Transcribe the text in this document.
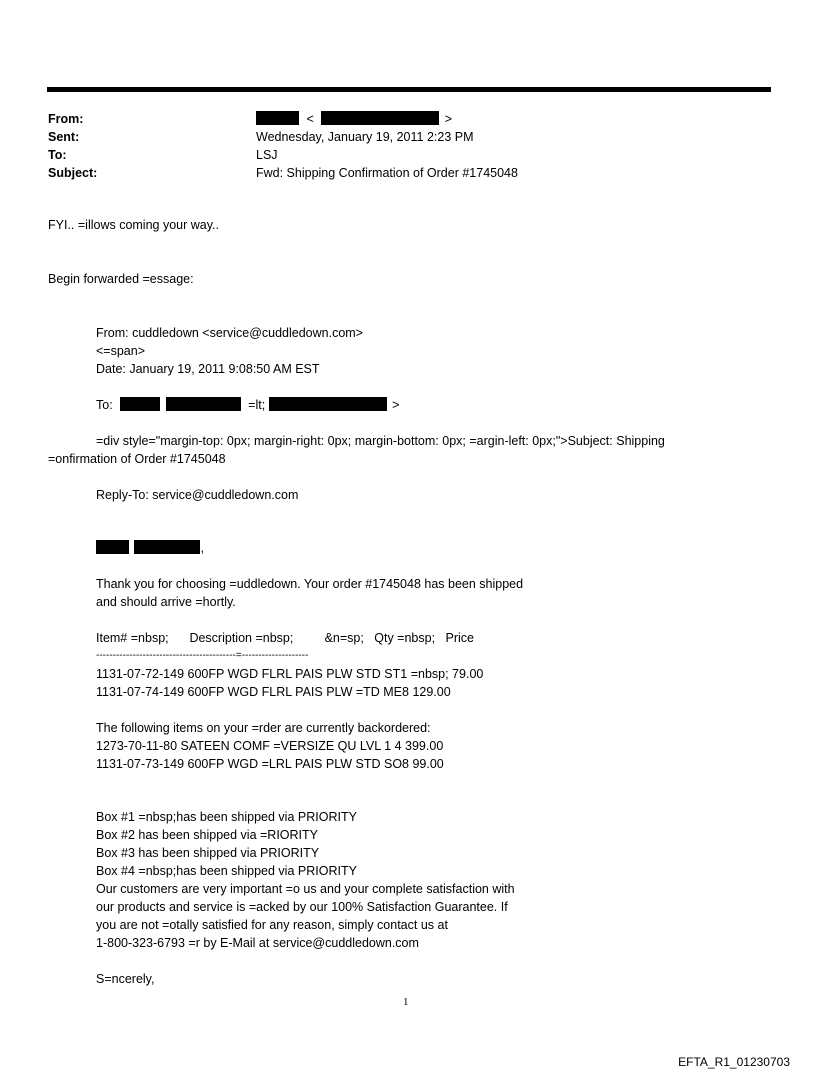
From:	<	>
Sent:	Wednesday, January 19, 2011 2:23 PM
To:	LSJ
Subject:	Fwd: Shipping Confirmation of Order #1745048
FYI.. =illows coming your way..
Begin forwarded =essage:
From: cuddledown <service@cuddledown.com>
<=span>
Date: January 19, 2011 9:08:50 AM EST
To:	=lt;	>
=div style="margin-top: 0px; margin-right: 0px; margin-bottom: 0px; =argin-left: 0px;">Subject: Shipping
=onfirmation of Order #1745048
Reply-To: service@cuddledown.com
,
Thank you for choosing =uddledown. Your order #1745048 has been shipped
and should arrive =hortly.
Item# =nbsp;      Description =nbsp;         &n=sp;   Qty =nbsp;   Price
------------------------------------------=--------------------
1131-07-72-149 600FP WGD FLRL PAIS PLW STD ST1 =nbsp; 79.00
1131-07-74-149 600FP WGD FLRL PAIS PLW =TD ME8 129.00
The following items on your =rder are currently backordered:
1273-70-11-80 SATEEN COMF =VERSIZE QU LVL 1 4 399.00
1131-07-73-149 600FP WGD =LRL PAIS PLW STD SO8 99.00
Box #1 =nbsp;has been shipped via PRIORITY
Box #2 has been shipped via =RIORITY
Box #3 has been shipped via PRIORITY
Box #4 =nbsp;has been shipped via PRIORITY
Our customers are very important =o us and your complete satisfaction with
our products and service is =acked by our 100% Satisfaction Guarantee. If
you are not =otally satisfied for any reason, simply contact us at
1-800-323-6793 =r by E-Mail at service@cuddledown.com
S=ncerely,
1
EFTA_R1_01230703
